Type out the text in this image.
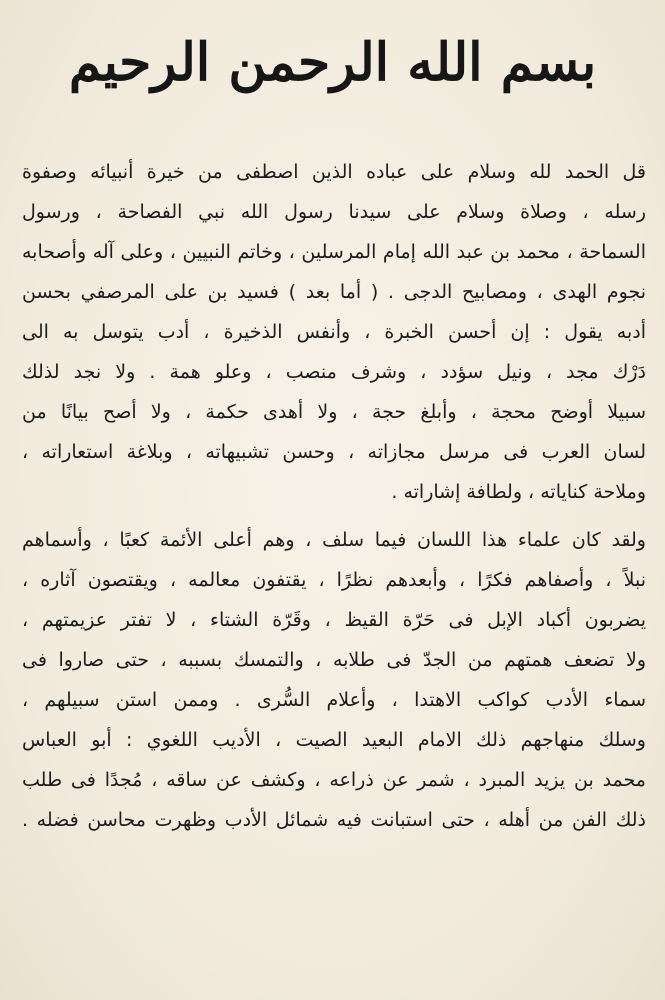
بسم الله الرحمن الرحيم
قل الحمد لله وسلام على عباده الذين اصطفى من خيرة أنبيائه وصفوة
رسله ، وصلاة وسلام على سيدنا رسول الله نبي الفصاحة ، ورسول
السماحة ، محمد بن عبد الله إمام المرسلين ، وخاتم النبيين ، وعلى آله وأصحابه
نجوم الهدى ، ومصابيح الدجى . ( أما بعد ) فسيد بن على المرصفي بحسن
أدبه يقول : إن أحسن الخبرة ، وأنفس الذخيرة ، أدب يتوسل به الى
دَرْك مجد ، ونيل سؤدد ، وشرف منصب ، وعلو همة . ولا نجد لذلك
سبيلا أوضح محجة ، وأبلغ حجة ، ولا أهدى حكمة ، ولا أصح بيانًا من
لسان العرب فى مرسل مجازاته ، وحسن تشبيهاته ، وبلاغة استعاراته ،
وملاحة كناياته ، ولطافة إشاراته .
ولقد كان علماء هذا اللسان فيما سلف ، وهم أعلى الأئمة كعبًا ، وأسماهم
نبلاً ، وأصفاهم فكرًا ، وأبعدهم نظرًا ، يقتفون معالمه ، ويقتصون آثاره ،
يضربون أكباد الإبل فى حَرّة القيظ ، وقَرّة الشتاء ، لا تفتر عزيمتهم ،
ولا تضعف همتهم من الجدّ فى طلابه ، والتمسك بسببه ، حتى صاروا فى
سماء الأدب كواكب الاهتدا ، وأعلام السُّرى . وممن استن سبيلهم ،
وسلك منهاجهم ذلك الامام البعيد الصيت ، الأديب اللغوي : أبو العباس
محمد بن يزيد المبرد ، شمر عن ذراعه ، وكشف عن ساقه ، مُجدًا فى طلب
ذلك الفن من أهله ، حتى استبانت فيه شمائل الأدب وظهرت محاسن فضله .
